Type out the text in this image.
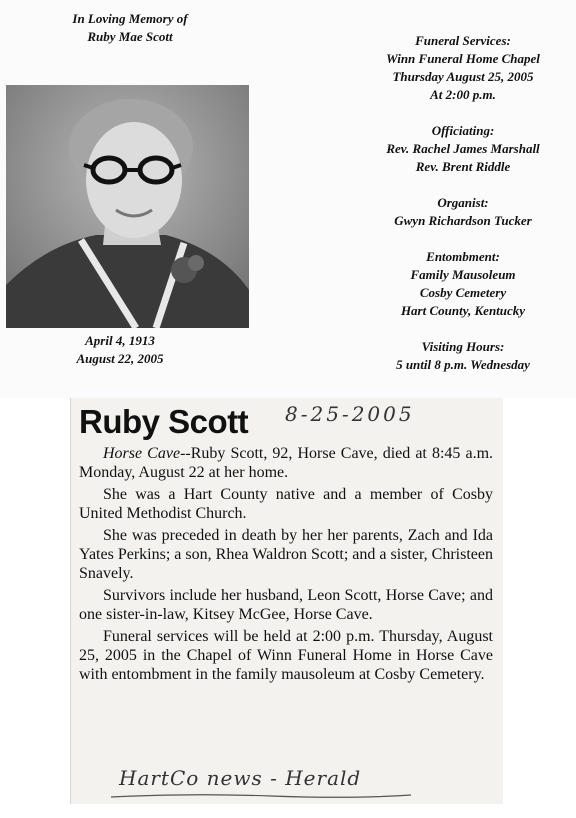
In Loving Memory of
Ruby Mae Scott
April 4, 1913
August 22, 2005
Funeral Services:
Winn Funeral Home Chapel
Thursday August 25, 2005
At 2:00 p.m.
Officiating:
Rev. Rachel James Marshall
Rev. Brent Riddle
Organist:
Gwyn Richardson Tucker
Entombment:
Family Mausoleum
Cosby Cemetery
Hart County, Kentucky
Visiting Hours:
5 until 8 p.m. Wednesday
Ruby Scott 8-25-2005

Horse Cave--Ruby Scott, 92, Horse Cave, died at 8:45 a.m. Monday, August 22 at her home.

She was a Hart County native and a member of Cosby United Methodist Church.

She was preceded in death by her her parents, Zach and Ida Yates Perkins; a son, Rhea Waldron Scott; and a sister, Christeen Snavely.

Survivors include her husband, Leon Scott, Horse Cave; and one sister-in-law, Kitsey McGee, Horse Cave.

Funeral services will be held at 2:00 p.m. Thursday, August 25, 2005 in the Chapel of Winn Funeral Home in Horse Cave with entombment in the family mausoleum at Cosby Cemetery.

HartCo news - Herald
